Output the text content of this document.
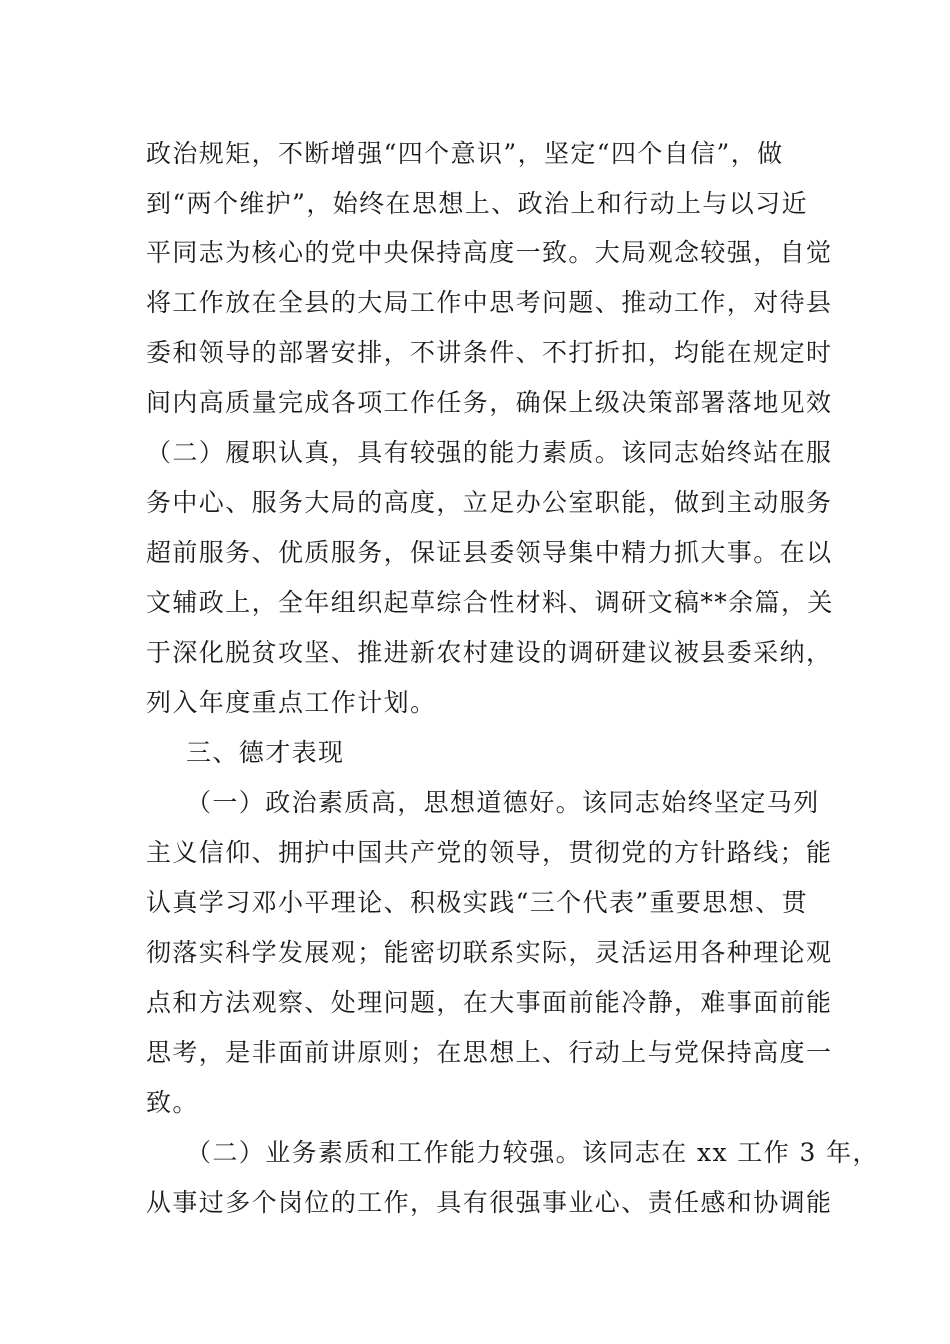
政治规矩，不断增强“四个意识”，坚定“四个自信”，做
到“两个维护”，始终在思想上、政治上和行动上与以习近
平同志为核心的党中央保持高度一致。大局观念较强，自觉
将工作放在全县的大局工作中思考问题、推动工作，对待县
委和领导的部署安排，不讲条件、不打折扣，均能在规定时
间内高质量完成各项工作任务，确保上级决策部署落地见效
（二）履职认真，具有较强的能力素质。该同志始终站在服
务中心、服务大局的高度，立足办公室职能，做到主动服务
超前服务、优质服务，保证县委领导集中精力抓大事。在以
文辅政上，全年组织起草综合性材料、调研文稿**余篇，关
于深化脱贫攻坚、推进新农村建设的调研建议被县委采纳，
列入年度重点工作计划。
三、德才表现
（一）政治素质高，思想道德好。该同志始终坚定马列
主义信仰、拥护中国共产党的领导，贯彻党的方针路线；能
认真学习邓小平理论、积极实践“三个代表”重要思想、贯
彻落实科学发展观；能密切联系实际，灵活运用各种理论观
点和方法观察、处理问题，在大事面前能冷静，难事面前能
思考，是非面前讲原则；在思想上、行动上与党保持高度一
致。
（二）业务素质和工作能力较强。该同志在 xx 工作 3 年，
从事过多个岗位的工作，具有很强事业心、责任感和协调能
